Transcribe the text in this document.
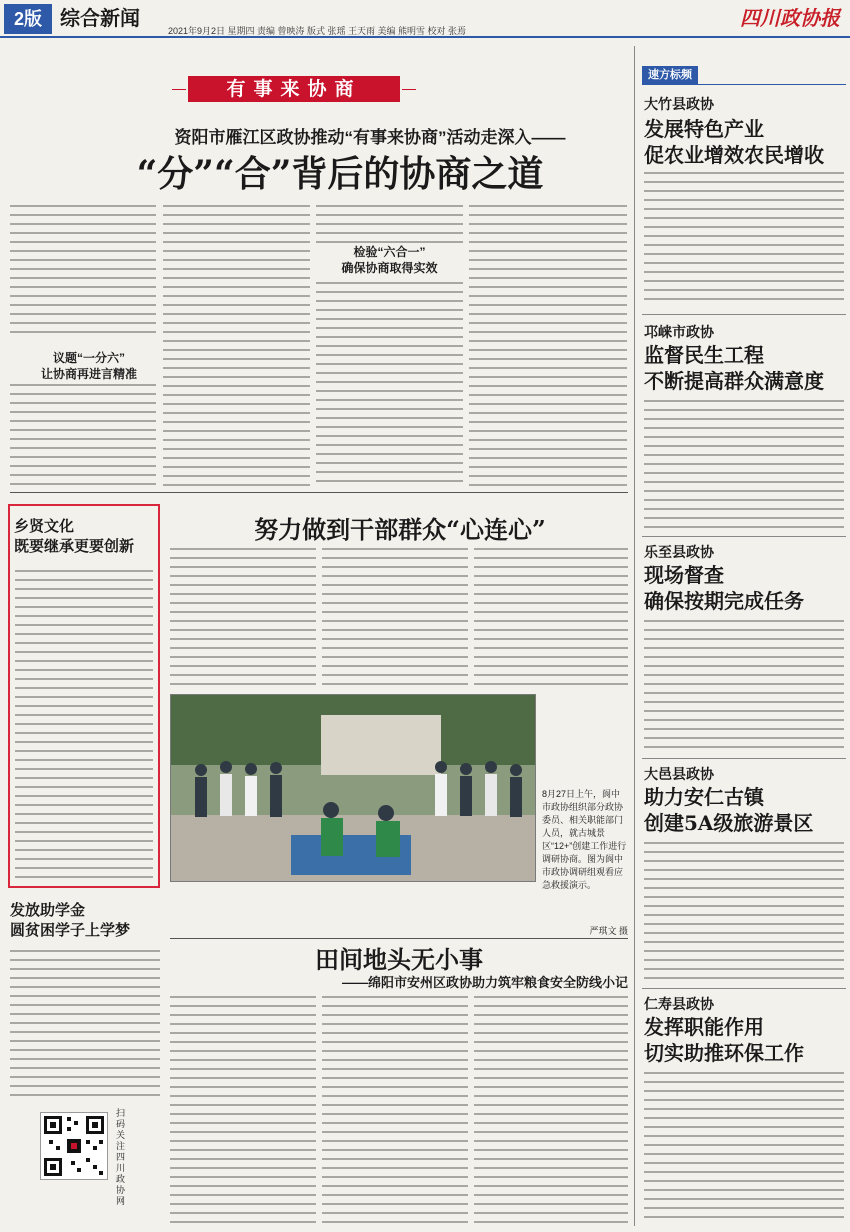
2版 综合新闻
2021年9月2日 星期四 责编 曾映涛 版式 张瑶 王天雨 美编 熊明雪 校对 张焉
四川政协报
有事来协商
资阳市雁江区政协推动“有事来协商”活动走深入——
“分”“合”背后的协商之道
议题“一分六”
让协商再进言精准
检验“六合一”
确保协商取得实效
乡贤文化
既要继承更要创新
努力做到干部群众“心连心”
8月27日上午，阆中市政协组织部分政协委员、相关职能部门人员，就古城景区“12+”创建工作进行调研协商。图为阆中市政协调研组观看应急救援演示。
严琪文 摄
发放助学金
圆贫困学子上学梦
扫码关注四川政协网
田间地头无小事
——绵阳市安州区政协助力筑牢粮食安全防线小记
速方标频
大竹县政协
发展特色产业
促农业增效农民增收
邛崃市政协
监督民生工程
不断提高群众满意度
乐至县政协
现场督查
确保按期完成任务
大邑县政协
助力安仁古镇
创建5A级旅游景区
仁寿县政协
发挥职能作用
切实助推环保工作
